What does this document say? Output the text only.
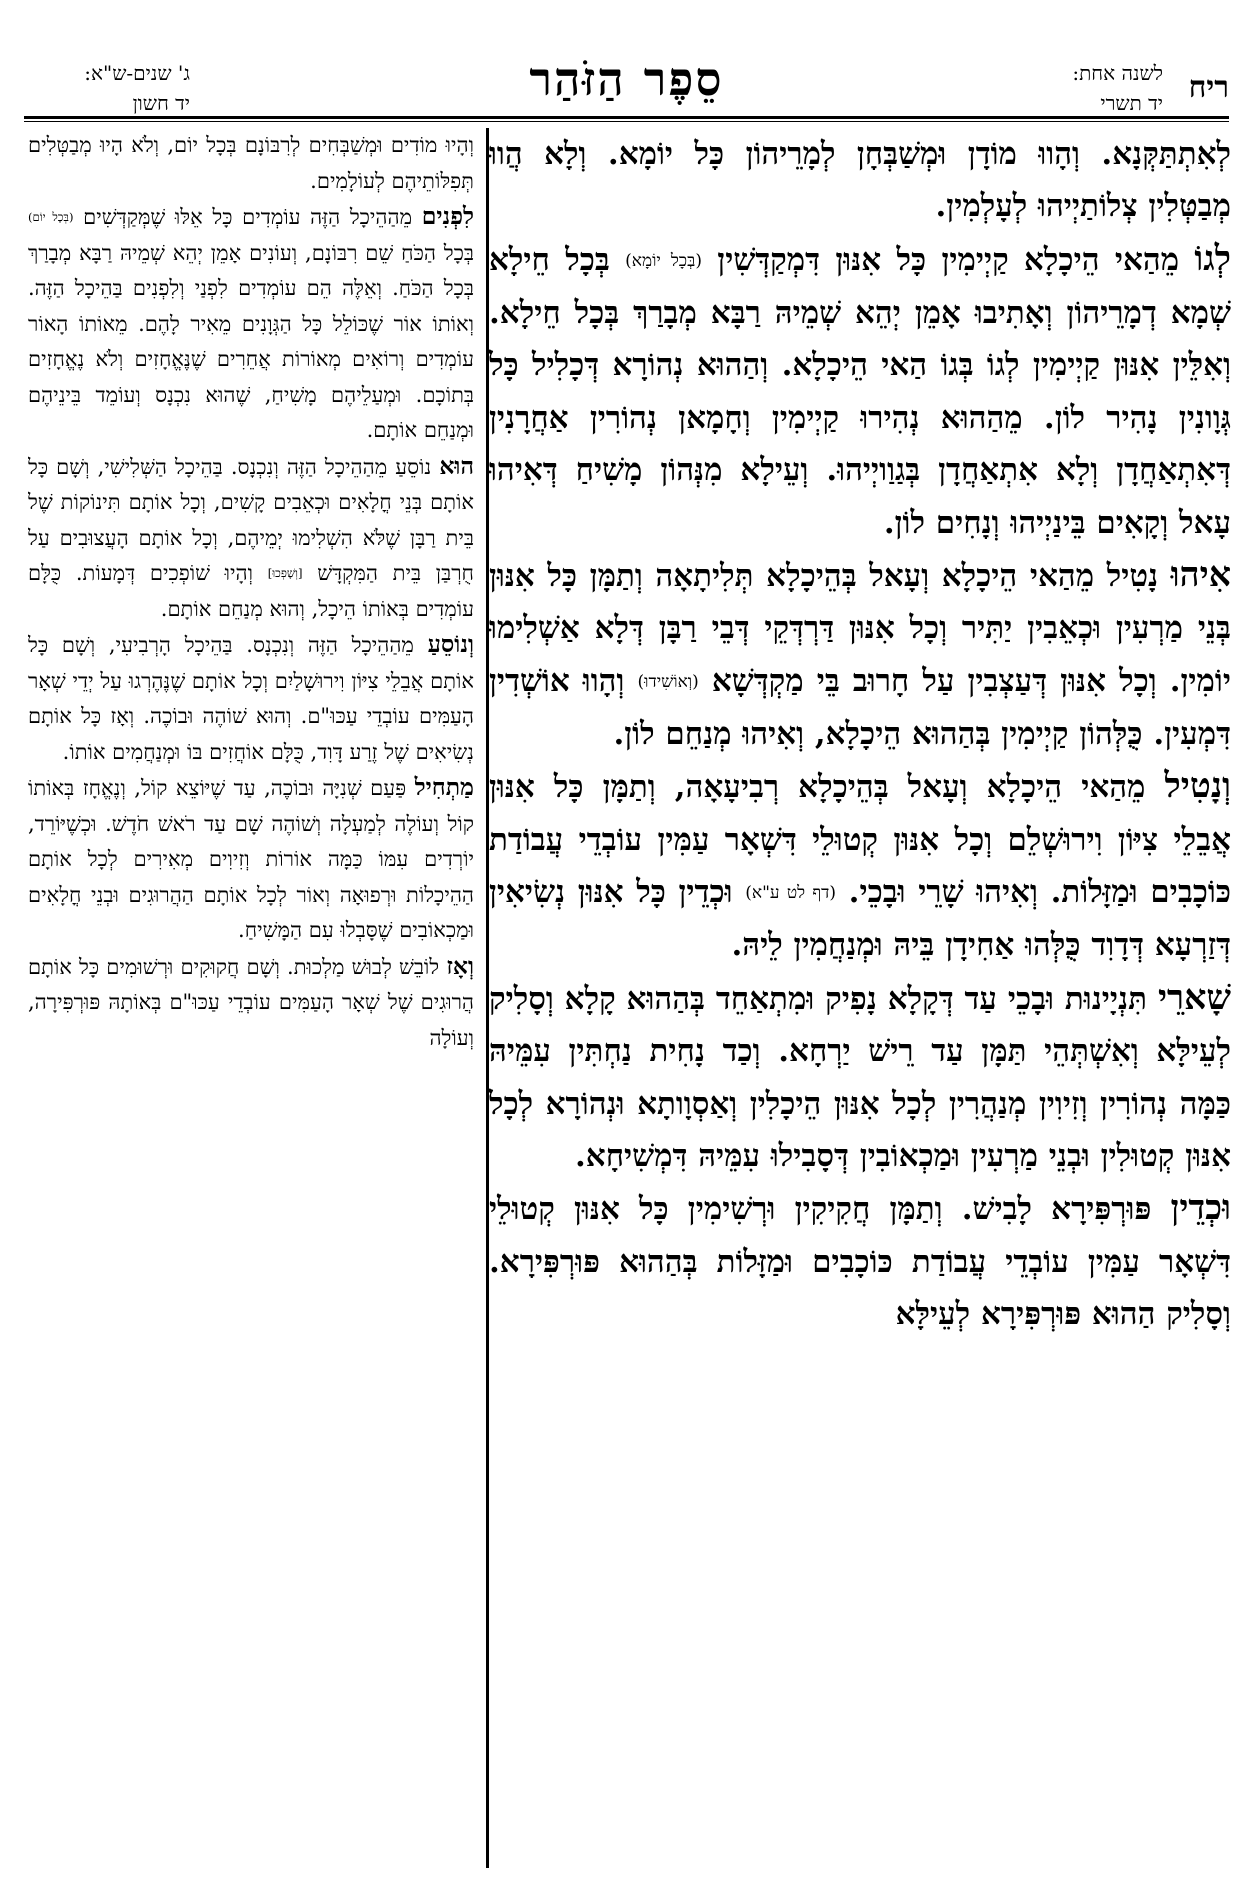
ריח
לשנה אחת:
יד תשרי
סֵפֶר הַזֹּהַר
ג' שנים-ש"א:
יד חשון

לְאִתְתַּקְּנָא. וְהָווּ מוֹדָן וּמְשַׁבְּחָן לְמָרֵיהוֹן כָּל יוֹמָא. וְלָא הֲווּ מְבַטְּלִין צְלוֹתַיְיהוּ לְעָלְמִין.

לְגוֹ מֵהַאי הֵיכָלָא קַיְימִין כָּל אִנּוּן דִּמְקַדְּשִׁין (בְּכָל יוֹמָא) בְּכָל חֵילָא שְׁמָא דְמָרֵיהוֹן וְאָתִיבוּ אָמֵן יְהֵא שְׁמֵיהּ רַבָּא מְבָרַךְ בְּכָל חֵילָא. וְאִלֵּין אִנּוּן קַיְימִין לְגוֹ בְּגוֹ הַאי הֵיכָלָא. וְהַהוּא נְהוֹרָא דְּכָלִיל כָּל גְּוָונִין נָהִיר לוֹן. מֵהַהוּא נְהִירוּ קַיְימִין וְחָמָאן נְהוֹרִין אַחֲרָנִין דְּאִתְאַחֲדָן וְלָא אִתְאַחֲדָן בְּגַוַויְיהוּ. וְעֵילָא מִנְּהוֹן מָשִׁיחַ דְּאִיהוּ עָאל וְקָאִים בֵּינַיְיהוּ וְנָחִים לוֹן.

אִיהוּ נָטִיל מֵהַאי הֵיכָלָא וְעָאל בְּהֵיכָלָא תְּלִיתָאָה וְתַמָּן כָּל אִנּוּן בְּנֵי מַרְעִין וּכְאֵבִין יַתִּיר וְכָל אִנּוּן דַּרְדְּקֵי דְּבֵי רַבָּן דְּלָא אַשְׁלִימוּ יוֹמִין. וְכָל אִנּוּן דְּעַצְבִין עַל חָרוּב בֵּי מַקְדְּשָׁא (וְאוֹשִׁידוּ) וְהָווּ אוֹשְׁדִין דִּמְעִין. כֻּלְּהוֹן קַיְימִין בְּהַהוּא הֵיכָלָא, וְאִיהוּ מְנַחֵם לוֹן.

וְנָטִיל מֵהַאי הֵיכָלָא וְעָאל בְּהֵיכָלָא רְבִיעָאָה, וְתַמָּן כָּל אִנּוּן אֲבֵלֵי צִיּוֹן וִירוּשְׁלֵם וְכָל אִנּוּן קְטוּלֵי דִּשְׁאָר עַמִּין עוֹבְדֵי עֲבוֹדַת כּוֹכָבִים וּמַזָּלוֹת. וְאִיהוּ שָׁרֵי וּבָכֵי. (דף לט ע"א) וּכְדֵין כָּל אִנּוּן נְשִׂיאִין דְּזַרְעָא דְּדָוִד כֻּלְּהוּ אַחִידָן בֵּיהּ וּמְנַחֲמִין לֵיהּ.

שָׁארֵי תִּנְיָינוּת וּבָכֵי עַד דְּקָלָא נָפִיק וּמִתְאַחֵד בְּהַהוּא קָלָא וְסָלִיק לְעֵילָּא וְאִשְׁתְּהֵי תַּמָּן עַד רֵישׁ יַרְחָא. וְכַד נָחִית נַחְתִּין עִמֵּיהּ כַּמָּה נְהוֹרִין וְזִיוִין מְנַהֲרִין לְכָל אִנּוּן הֵיכָלִין וְאַסְוָותָא וּנְהוֹרָא לְכָל אִנּוּן קְטוּלִין וּבְנֵי מַרְעִין וּמַכְאוֹבִין דְּסָבִילוּ עִמֵּיהּ דִּמְשִׁיחָא.

וּכְדֵין פּוּרְפִּירָא לָבִישׁ. וְתַמָּן חֲקִיקִין וּרְשִׁימִין כָּל אִנּוּן קְטוּלֵי דִּשְׁאָר עַמִּין עוֹבְדֵי עֲבוֹדַת כּוֹכָבִים וּמַזָּלוֹת בְּהַהוּא פּוּרְפִּירָא. וְסָלִיק הַהוּא פּוּרְפִּירָא לְעֵילָּא

וְהָיוּ מוֹדִים וּמְשַׁבְּחִים לְרִבּוֹנָם בְּכָל יוֹם, וְלֹא הָיוּ מְבַטְּלִים תְּפִלּוֹתֵיהֶם לְעוֹלָמִים.

לִפְנִים מֵהַהֵיכָל הַזֶּה עוֹמְדִים כָּל אֵלּוּ שֶׁמְּקַדְּשִׁים (בְּכָל יוֹם) בְּכָל הַכֹּחַ שֵׁם רִבּוֹנָם, וְעוֹנִים אָמֵן יְהֵא שְׁמֵיהּ רַבָּא מְבָרַךְ בְּכָל הַכֹּחַ. וְאֵלֶּה הֵם עוֹמְדִים לִפְנַי וְלִפְנִים בַּהֵיכָל הַזֶּה. וְאוֹתוֹ אוֹר שֶׁכּוֹלֵל כָּל הַגְּוָנִים מֵאִיר לָהֶם. מֵאוֹתוֹ הָאוֹר עוֹמְדִים וְרוֹאִים מְאוֹרוֹת אֲחֵרִים שֶׁנֶּאֱחָזִים וְלֹא נֶאֱחָזִים בְּתוֹכָם. וּמְעַלֵיהֶם מָשִׁיחַ, שֶׁהוּא נִכְנָס וְעוֹמֵד בֵּינֵיהֶם וּמְנַחֵם אוֹתָם.

הוּא נוֹסֵעַ מֵהַהֵיכָל הַזֶּה וְנִכְנָס. בַּהֵיכָל הַשְּׁלִישִׁי, וְשָׁם כָּל אוֹתָם בְּנֵי חֳלָאִים וּכְאֵבִים קָשִׁים, וְכָל אוֹתָם תִּינוֹקוֹת שֶׁל בֵּית רַבָּן שֶׁלֹּא הִשְׁלִימוּ יְמֵיהֶם, וְכָל אוֹתָם הָעֲצוּבִים עַל חֻרְבַּן בֵּית הַמִּקְדָּשׁ [וְשָׁפְכוּ] וְהָיוּ שׁוֹפְכִים דְּמָעוֹת. כֻּלָּם עוֹמְדִים בְּאוֹתוֹ הֵיכָל, וְהוּא מְנַחֵם אוֹתָם.

וְנוֹסֵעַ מֵהַהֵיכָל הַזֶּה וְנִכְנָס. בַּהֵיכָל הָרְבִיעִי, וְשָׁם כָּל אוֹתָם אֲבֵלֵי צִיּוֹן וִירוּשָׁלַיִם וְכָל אוֹתָם שֶׁנֶּהֶרְגוּ עַל יְדֵי שְׁאָר הָעַמִּים עוֹבְדֵי עַכּוּ"ם. וְהוּא שׁוֹהֶה וּבוֹכֶה. וְאָז כָּל אוֹתָם נְשִׂיאִים שֶׁל זֶרַע דָּוִד, כֻּלָּם אוֹחֲזִים בּוֹ וּמְנַחֲמִים אוֹתוֹ.

מַתְחִיל פַּעַם שְׁנִיָּה וּבוֹכֶה, עַד שֶׁיּוֹצֵא קוֹל, וְנֶאֱחָז בְּאוֹתוֹ קוֹל וְעוֹלֶה לְמַעְלָה וְשׁוֹהֶה שָׁם עַד רֹאשׁ חֹדֶשׁ. וּכְשֶׁיּוֹרֵד, יוֹרְדִים עִמּוֹ כַּמָּה אוֹרוֹת וְזִיוִים מְאִירִים לְכָל אוֹתָם הַהֵיכָלוֹת וּרְפוּאָה וְאוֹר לְכָל אוֹתָם הַהֲרוּגִים וּבְנֵי חֳלָאִים וּמַכְאוֹבִים שֶׁסָּבְלוּ עִם הַמָּשִׁיחַ.

וְאָז לוֹבֵשׁ לְבוּשׁ מַלְכוּת. וְשָׁם חֲקוּקִים וּרְשׁוּמִים כָּל אוֹתָם הֲרוּגִים שֶׁל שְׁאָר הָעַמִּים עוֹבְדֵי עַכּוּ"ם בְּאוֹתָהּ פּוּרְפִּירָה, וְעוֹלָה
